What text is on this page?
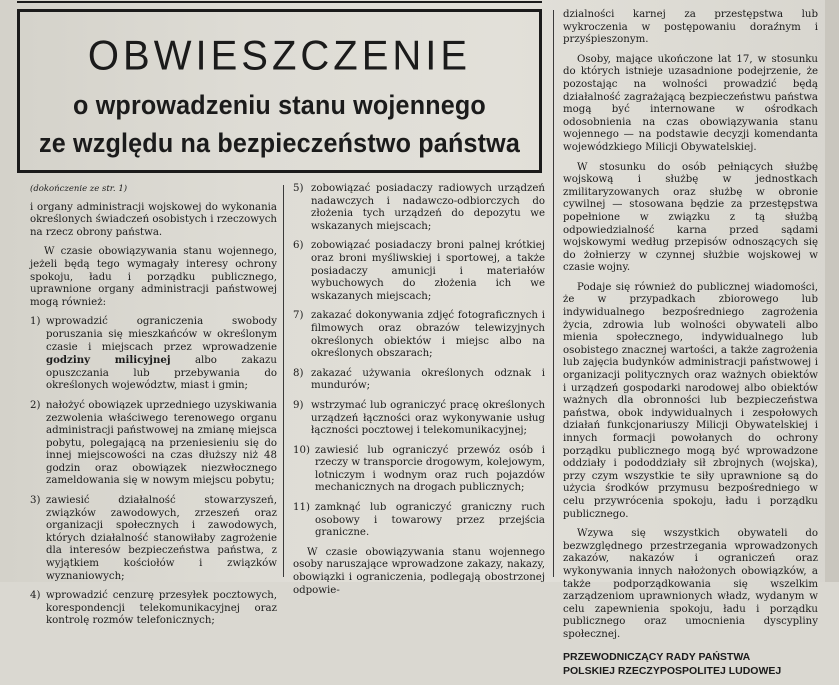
OBWIESZCZENIE
o wprowadzeniu stanu wojennego
ze względu na bezpieczeństwo państwa

(dokończenie ze str. 1)

i organy administracji wojskowej do wykonania określonych świadczeń osobistych i rzeczowych na rzecz obrony państwa.

W czasie obowiązywania stanu wojennego, jeżeli będą tego wymagały interesy ochrony spokoju, ładu i porządku publicznego, uprawnione organy administracji państwowej mogą również:

1) wprowadzić ograniczenia swobody poruszania się mieszkańców w określonym czasie i miejscach przez wprowadzenie godziny milicyjnej albo zakazu opuszczania lub przebywania do określonych województw, miast i gmin;
2) nałożyć obowiązek uprzedniego uzyskiwania zezwolenia właściwego terenowego organu administracji państwowej na zmianę miejsca pobytu, polegającą na przeniesieniu się do innej miejscowości na czas dłuższy niż 48 godzin oraz obowiązek niezwłocznego zameldowania się w nowym miejscu pobytu;
3) zawiesić działalność stowarzyszeń, związków zawodowych, zrzeszeń oraz organizacji społecznych i zawodowych, których działalność stanowiłaby zagrożenie dla interesów bezpieczeństwa państwa, z wyjątkiem kościołów i związków wyznaniowych;
4) wprowadzić cenzurę przesyłek pocztowych, korespondencji telekomunikacyjnej oraz kontrolę rozmów telefonicznych;
5) zobowiązać posiadaczy radiowych urządzeń nadawczych i nadawczo-odbiorczych do złożenia tych urządzeń do depozytu we wskazanych miejscach;
6) zobowiązać posiadaczy broni palnej krótkiej oraz broni myśliwskiej i sportowej, a także posiadaczy amunicji i materiałów wybuchowych do złożenia ich we wskazanych miejscach;
7) zakazać dokonywania zdjęć fotograficznych i filmowych oraz obrazów telewizyjnych określonych obiektów i miejsc albo na określonych obszarach;
8) zakazać używania określonych odznak i mundurów;
9) wstrzymać lub ograniczyć pracę określonych urządzeń łączności oraz wykonywanie usług łączności pocztowej i telekomunikacyjnej;
10) zawiesić lub ograniczyć przewóz osób i rzeczy w transporcie drogowym, kolejowym, lotniczym i wodnym oraz ruch pojazdów mechanicznych na drogach publicznych;
11) zamknąć lub ograniczyć graniczny ruch osobowy i towarowy przez przejścia graniczne.

W czasie obowiązywania stanu wojennego osoby naruszające wprowadzone zakazy, nakazy, obowiązki i ograniczenia, podlegają obostrzonej odpowie-

dzialności karnej za przestępstwa lub wykroczenia w postępowaniu doraźnym i przyśpieszonym.

Osoby, mające ukończone lat 17, w stosunku do których istnieje uzasadnione podejrzenie, że pozostając na wolności prowadzić będą działalność zagrażającą bezpieczeństwu państwa mogą być internowane w ośrodkach odosobnienia na czas obowiązywania stanu wojennego — na podstawie decyzji komendanta wojewódzkiego Milicji Obywatelskiej.

W stosunku do osób pełniących służbę wojskową i służbę w jednostkach zmilitaryzowanych oraz służbę w obronie cywilnej — stosowana będzie za przestępstwa popełnione w związku z tą służbą odpowiedzialność karna przed sądami wojskowymi według przepisów odnoszących się do żołnierzy w czynnej służbie wojskowej w czasie wojny.

Podaje się również do publicznej wiadomości, że w przypadkach zbiorowego lub indywidualnego bezpośredniego zagrożenia życia, zdrowia lub wolności obywateli albo mienia społecznego, indywidualnego lub osobistego znacznej wartości, a także zagrożenia lub zajęcia budynków administracji państwowej i organizacji politycznych oraz ważnych obiektów i urządzeń gospodarki narodowej albo obiektów ważnych dla obronności lub bezpieczeństwa państwa, obok indywidualnych i zespołowych działań funkcjonariuszy Milicji Obywatelskiej i innych formacji powołanych do ochrony porządku publicznego mogą być wprowadzone oddziały i pododdziały sił zbrojnych (wojska), przy czym wszystkie te siły uprawnione są do użycia środków przymusu bezpośredniego w celu przywrócenia spokoju, ładu i porządku publicznego.

Wzywa się wszystkich obywateli do bezwzględnego przestrzegania wprowadzonych zakazów, nakazów i ograniczeń oraz wykonywania innych nałożonych obowiązków, a także podporządkowania się wszelkim zarządzeniom uprawnionych władz, wydanym w celu zapewnienia spokoju, ładu i porządku publicznego oraz umocnienia dyscypliny społecznej.

PRZEWODNICZĄCY RADY PAŃSTWA
POLSKIEJ RZECZYPOSPOLITEJ LUDOWEJ
